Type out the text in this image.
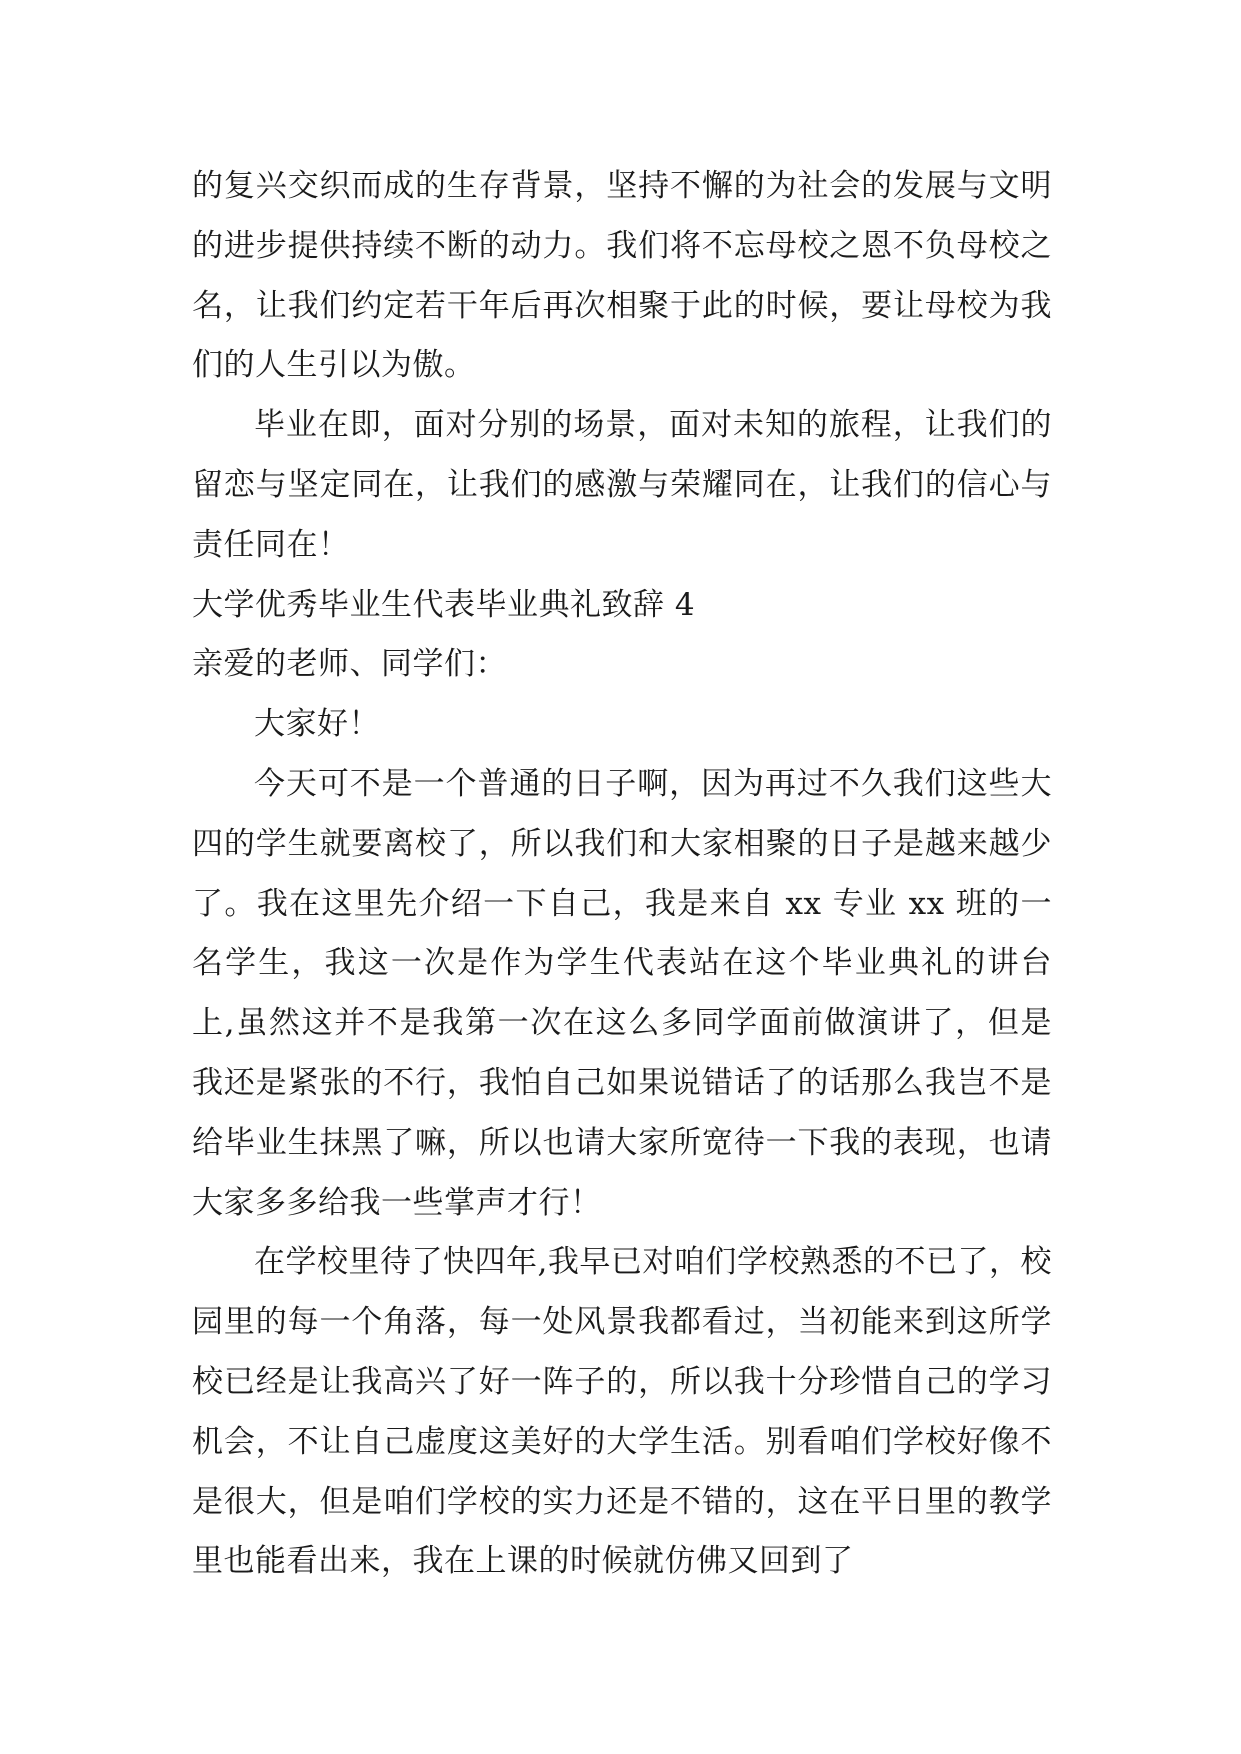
的复兴交织而成的生存背景，坚持不懈的为社会的发展与文明的进步提供持续不断的动力。我们将不忘母校之恩不负母校之名，让我们约定若干年后再次相聚于此的时候，要让母校为我们的人生引以为傲。

毕业在即，面对分别的场景，面对未知的旅程，让我们的留恋与坚定同在，让我们的感激与荣耀同在，让我们的信心与责任同在！

大学优秀毕业生代表毕业典礼致辞 4

亲爱的老师、同学们：

大家好！

今天可不是一个普通的日子啊，因为再过不久我们这些大四的学生就要离校了，所以我们和大家相聚的日子是越来越少了。我在这里先介绍一下自己，我是来自 xx 专业 xx 班的一名学生，我这一次是作为学生代表站在这个毕业典礼的讲台上,虽然这并不是我第一次在这么多同学面前做演讲了，但是我还是紧张的不行，我怕自己如果说错话了的话那么我岂不是给毕业生抹黑了嘛，所以也请大家所宽待一下我的表现，也请大家多多给我一些掌声才行！

在学校里待了快四年,我早已对咱们学校熟悉的不已了，校园里的每一个角落，每一处风景我都看过，当初能来到这所学校已经是让我高兴了好一阵子的，所以我十分珍惜自己的学习机会，不让自己虚度这美好的大学生活。别看咱们学校好像不是很大，但是咱们学校的实力还是不错的，这在平日里的教学里也能看出来，我在上课的时候就仿佛又回到了
